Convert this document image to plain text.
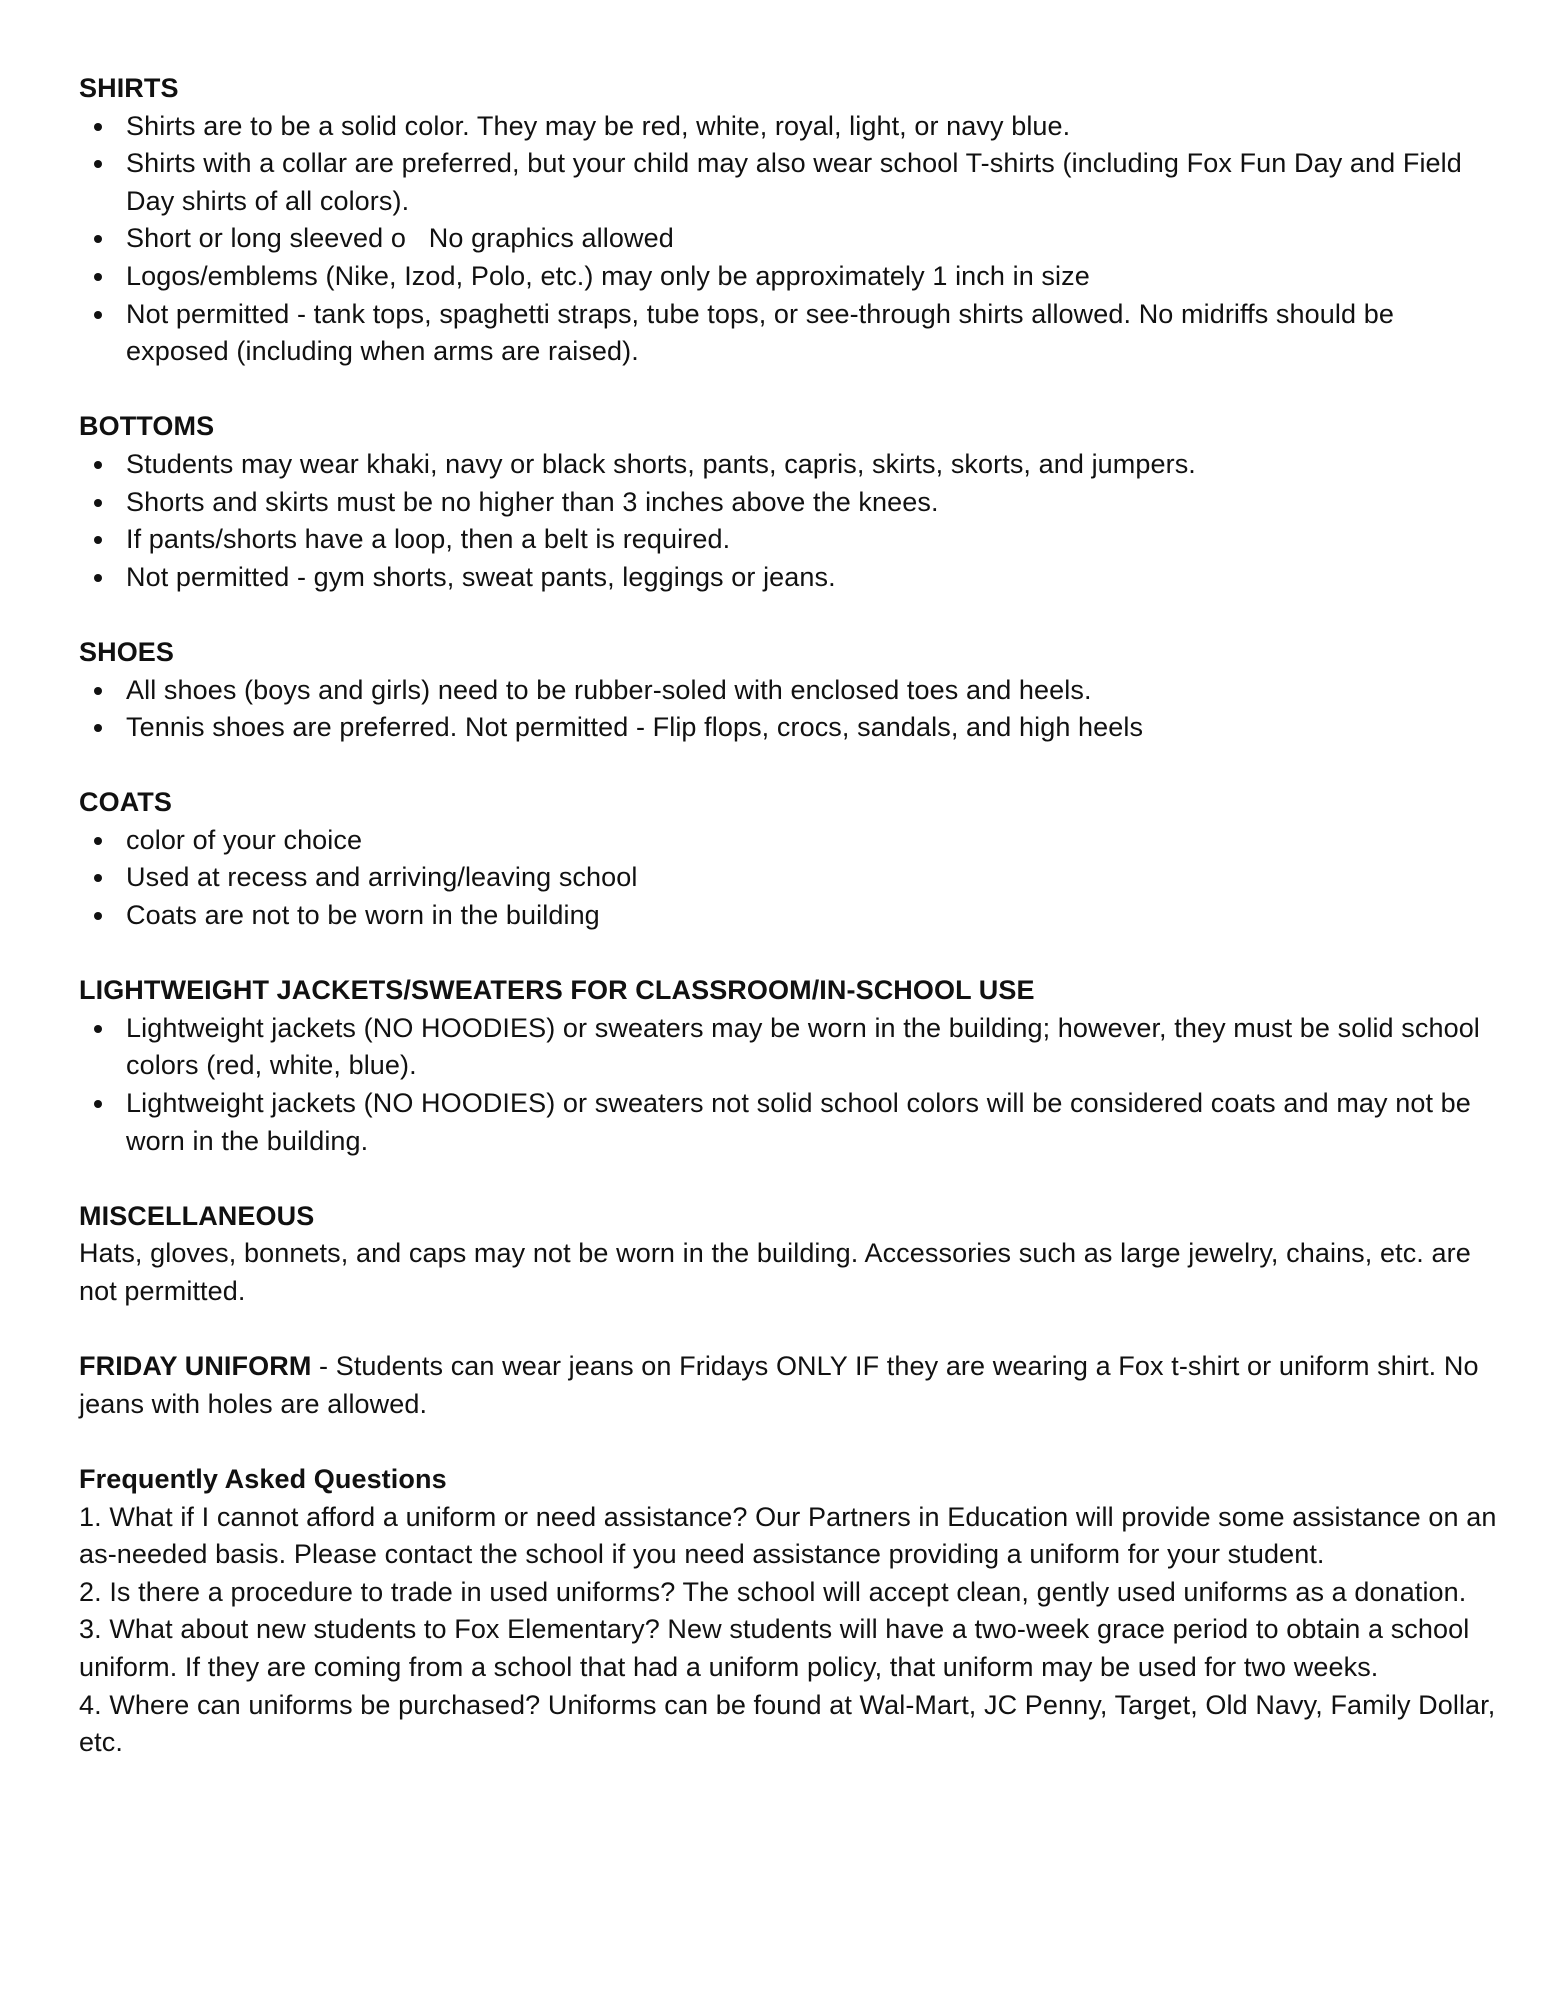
SHIRTS
Shirts are to be a solid color. They may be red, white, royal, light, or navy blue.
Shirts with a collar are preferred, but your child may also wear school T-shirts (including Fox Fun Day and Field Day shirts of all colors).
Short or long sleeved o   No graphics allowed
Logos/emblems (Nike, Izod, Polo, etc.) may only be approximately 1 inch in size
Not permitted - tank tops, spaghetti straps, tube tops, or see-through shirts allowed. No midriffs should be exposed (including when arms are raised).
BOTTOMS
Students may wear khaki, navy or black shorts, pants, capris, skirts, skorts, and jumpers.
Shorts and skirts must be no higher than 3 inches above the knees.
If pants/shorts have a loop, then a belt is required.
Not permitted - gym shorts, sweat pants, leggings or jeans.
SHOES
All shoes (boys and girls) need to be rubber-soled with enclosed toes and heels.
Tennis shoes are preferred. Not permitted - Flip flops, crocs, sandals, and high heels
COATS
color of your choice
Used at recess and arriving/leaving school
Coats are not to be worn in the building
LIGHTWEIGHT JACKETS/SWEATERS FOR CLASSROOM/IN-SCHOOL USE
Lightweight jackets (NO HOODIES) or sweaters may be worn in the building; however, they must be solid school colors (red, white, blue).
Lightweight jackets (NO HOODIES) or sweaters not solid school colors will be considered coats and may not be worn in the building.
MISCELLANEOUS

Hats, gloves, bonnets, and caps may not be worn in the building. Accessories such as large jewelry, chains, etc. are not permitted.

FRIDAY UNIFORM - Students can wear jeans on Fridays ONLY IF they are wearing a Fox t-shirt or uniform shirt. No jeans with holes are allowed.

Frequently Asked Questions

1. What if I cannot afford a uniform or need assistance? Our Partners in Education will provide some assistance on an as-needed basis. Please contact the school if you need assistance providing a uniform for your student.

2. Is there a procedure to trade in used uniforms? The school will accept clean, gently used uniforms as a donation.

3. What about new students to Fox Elementary? New students will have a two-week grace period to obtain a school uniform. If they are coming from a school that had a uniform policy, that uniform may be used for two weeks.

4. Where can uniforms be purchased? Uniforms can be found at Wal-Mart, JC Penny, Target, Old Navy, Family Dollar, etc.
